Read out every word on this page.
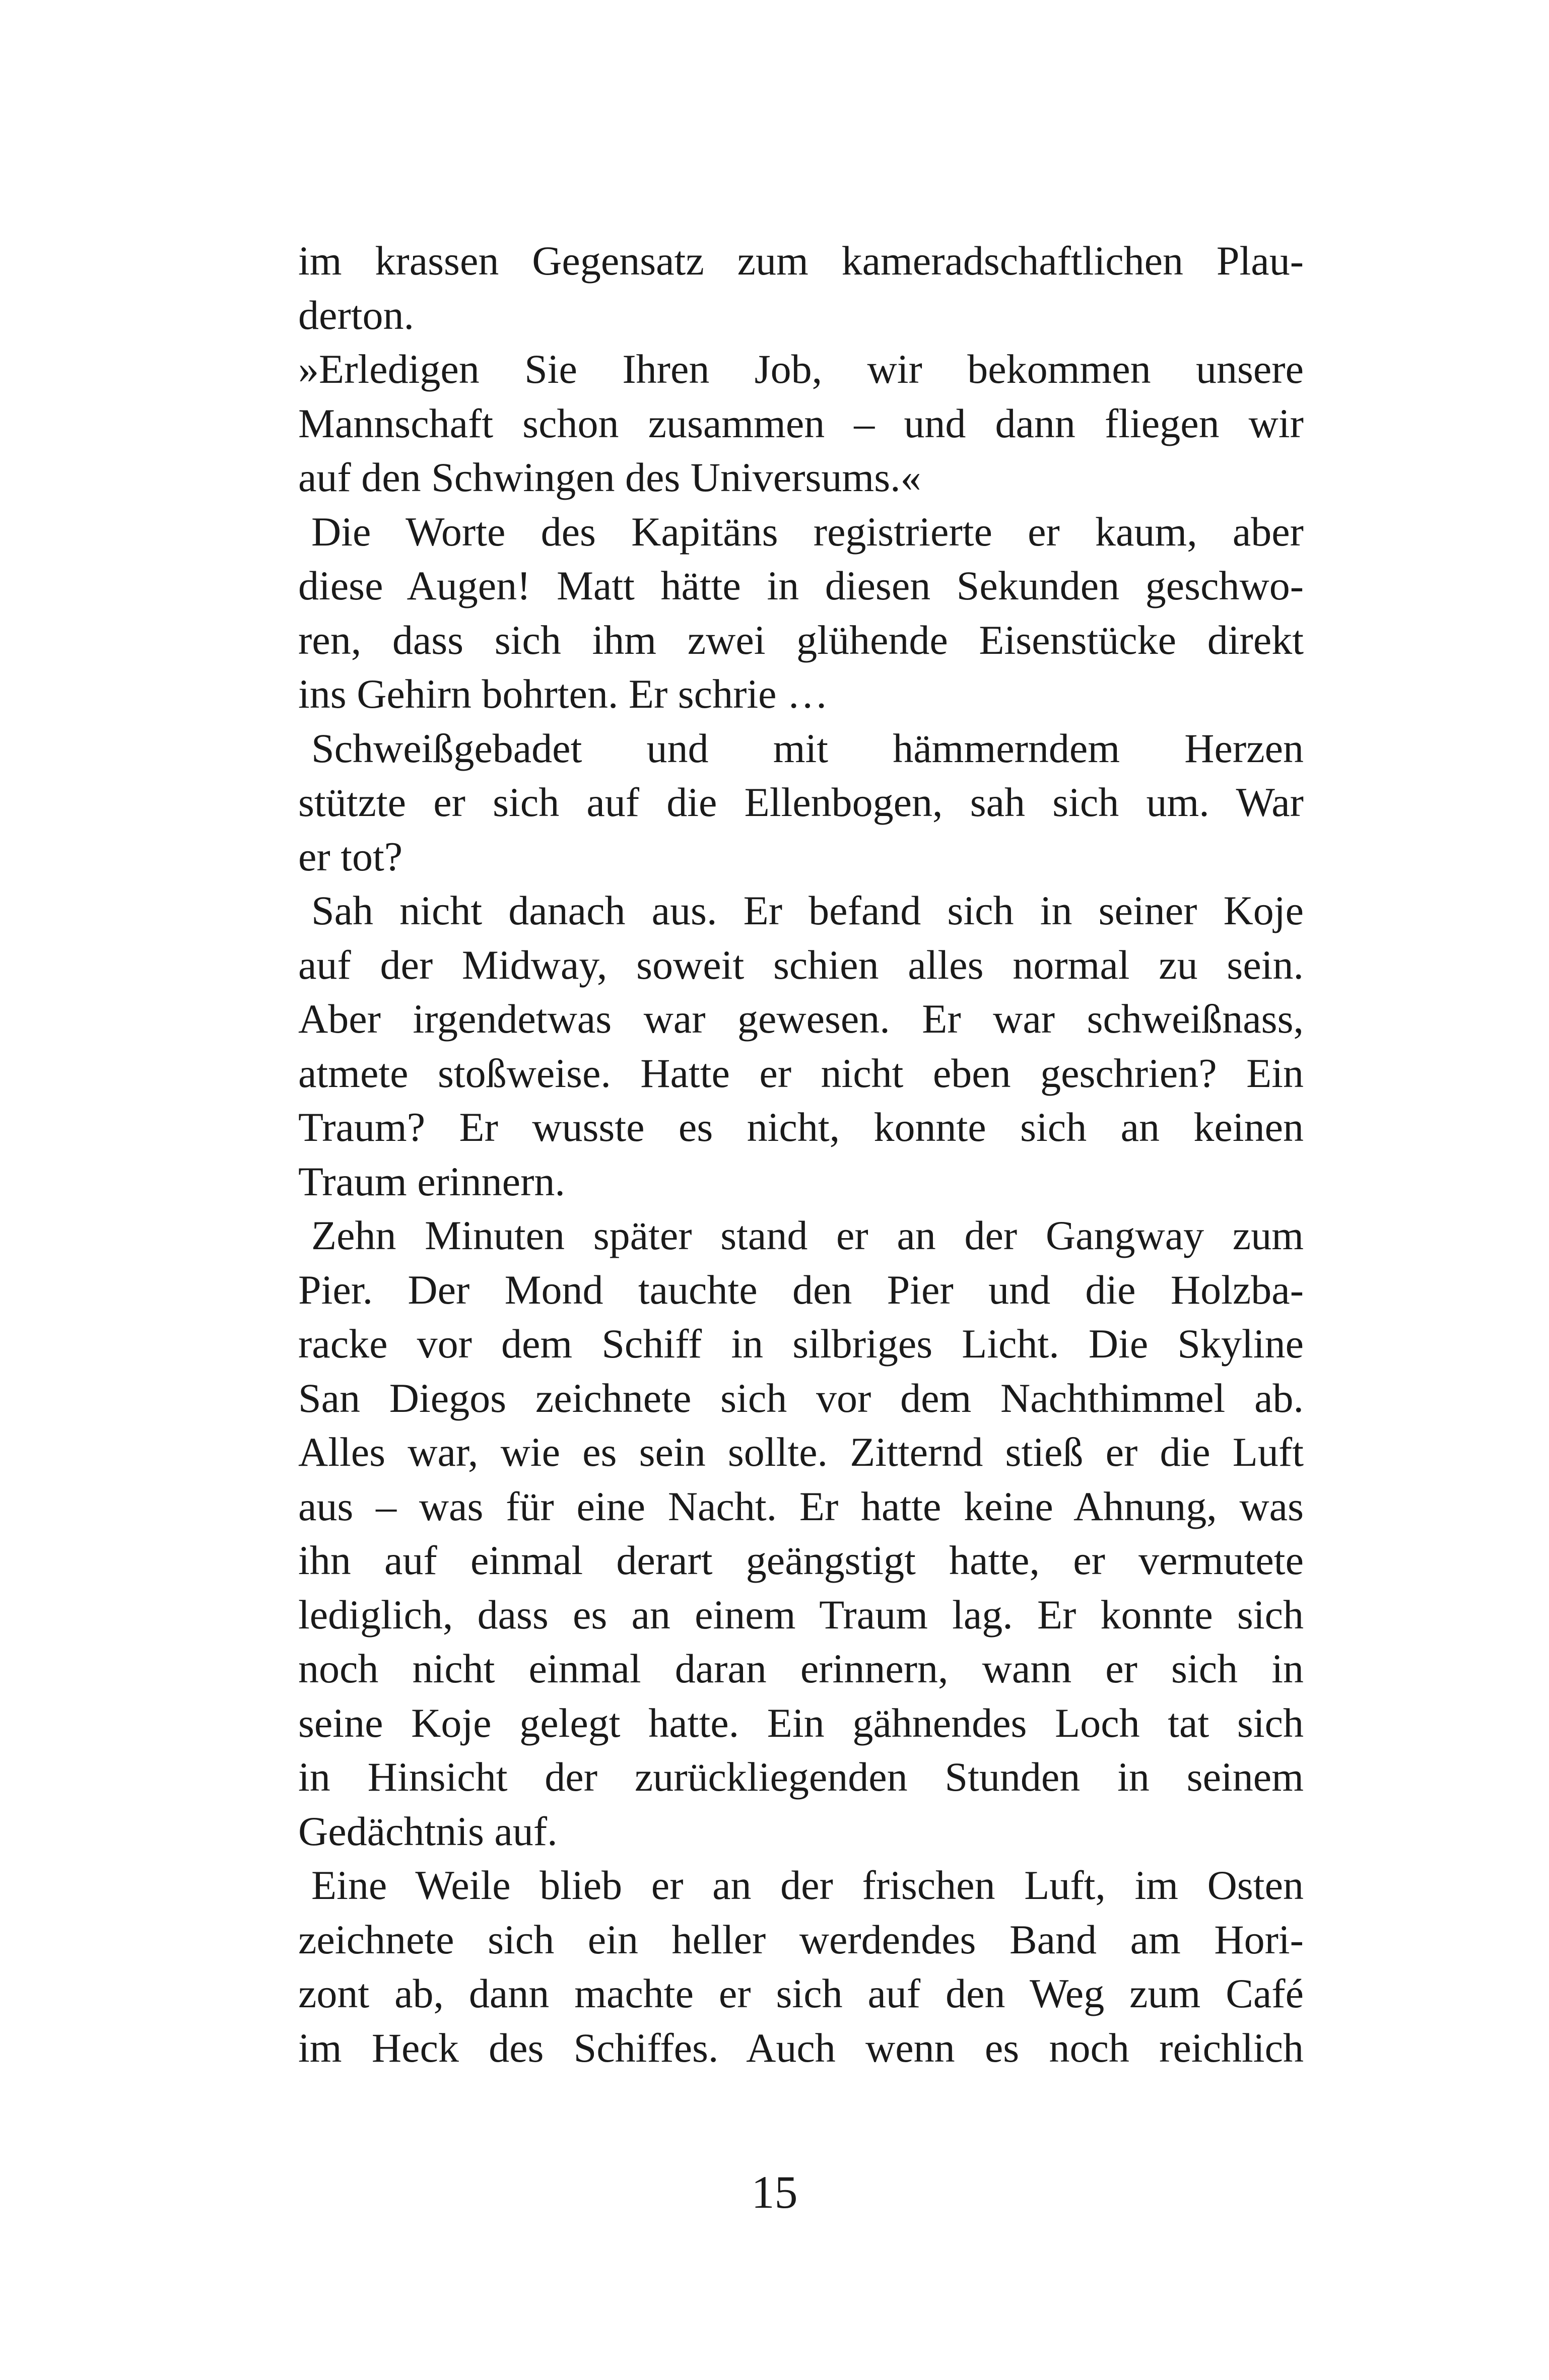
im krassen Gegensatz zum kameradschaftlichen Plau-
derton.
»Erledigen Sie Ihren Job, wir bekommen unsere
Mannschaft schon zusammen – und dann fliegen wir
auf den Schwingen des Universums.«
Die Worte des Kapitäns registrierte er kaum, aber
diese Augen! Matt hätte in diesen Sekunden geschwo-
ren, dass sich ihm zwei glühende Eisenstücke direkt
ins Gehirn bohrten. Er schrie …
Schweißgebadet und mit hämmerndem Herzen
stützte er sich auf die Ellenbogen, sah sich um. War
er tot?
Sah nicht danach aus. Er befand sich in seiner Koje
auf der Midway, soweit schien alles normal zu sein.
Aber irgendetwas war gewesen. Er war schweißnass,
atmete stoßweise. Hatte er nicht eben geschrien? Ein
Traum? Er wusste es nicht, konnte sich an keinen
Traum erinnern.
Zehn Minuten später stand er an der Gangway zum
Pier. Der Mond tauchte den Pier und die Holzba-
racke vor dem Schiff in silbriges Licht. Die Skyline
San Diegos zeichnete sich vor dem Nachthimmel ab.
Alles war, wie es sein sollte. Zitternd stieß er die Luft
aus – was für eine Nacht. Er hatte keine Ahnung, was
ihn auf einmal derart geängstigt hatte, er vermutete
lediglich, dass es an einem Traum lag. Er konnte sich
noch nicht einmal daran erinnern, wann er sich in
seine Koje gelegt hatte. Ein gähnendes Loch tat sich
in Hinsicht der zurückliegenden Stunden in seinem
Gedächtnis auf.
Eine Weile blieb er an der frischen Luft, im Osten
zeichnete sich ein heller werdendes Band am Hori-
zont ab, dann machte er sich auf den Weg zum Café
im Heck des Schiffes. Auch wenn es noch reichlich
15
